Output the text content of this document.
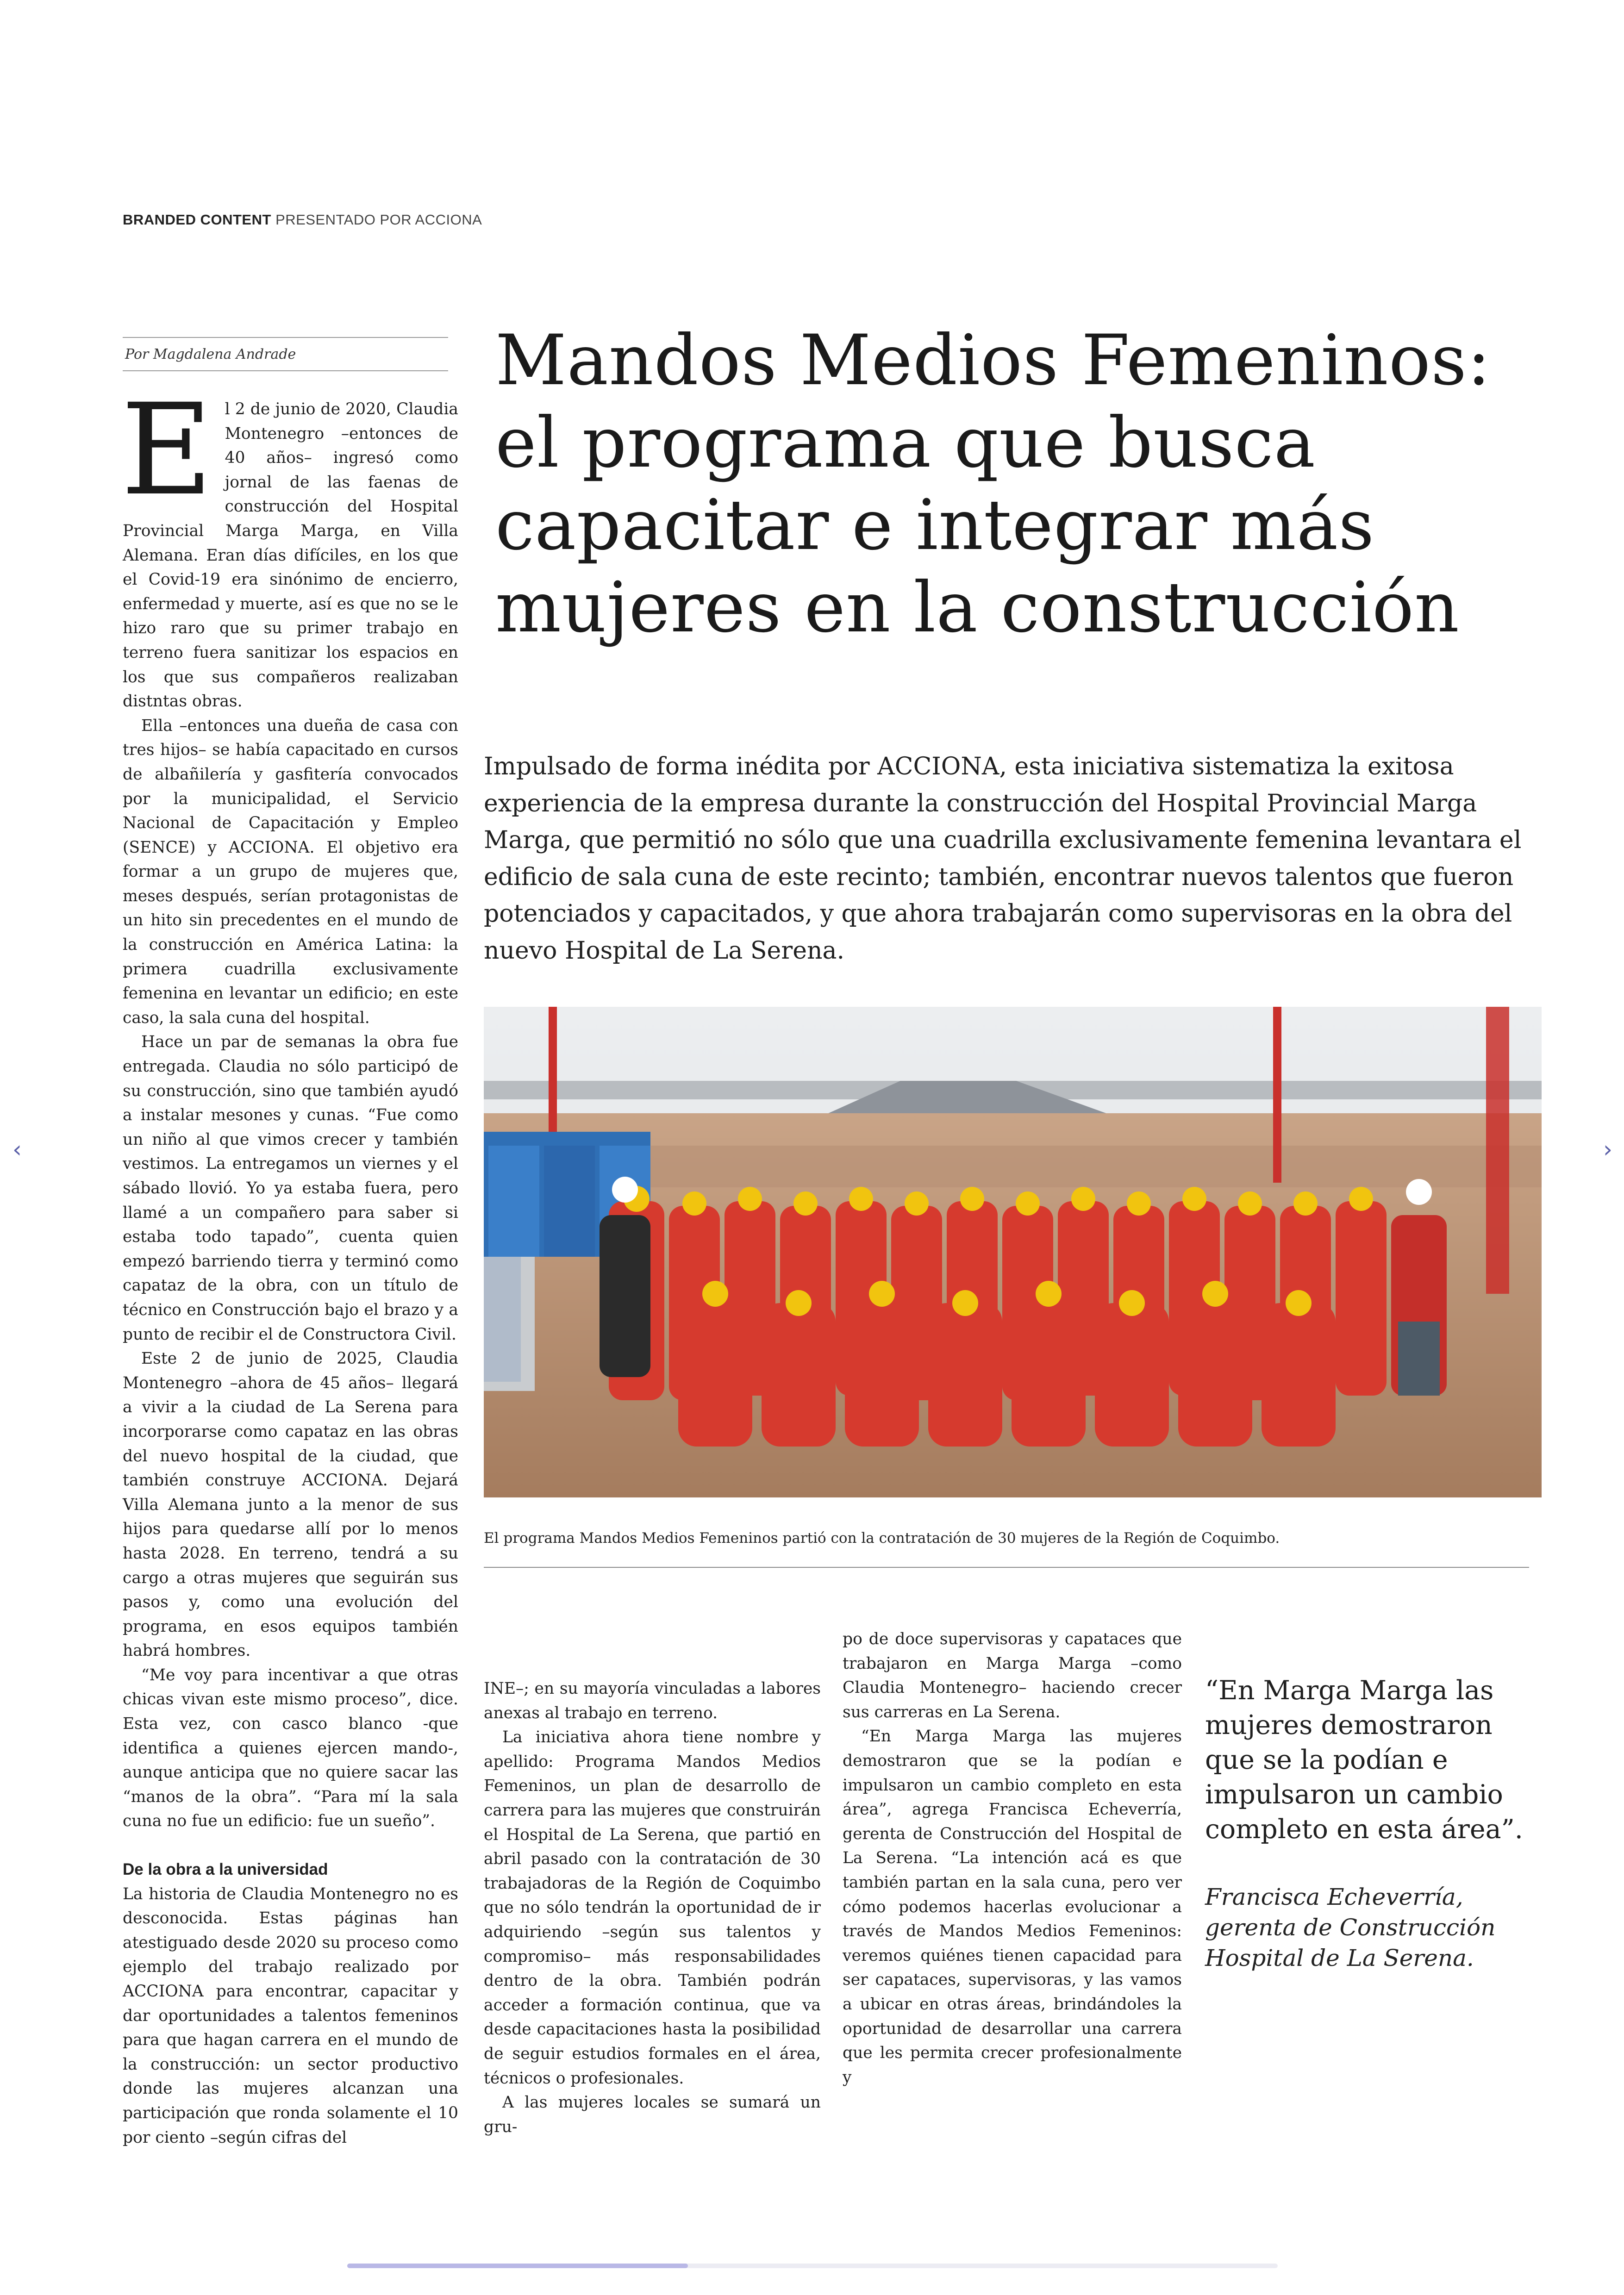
BRANDED CONTENT PRESENTADO POR ACCIONA
Por Magdalena Andrade	Mandos Medios Femeninos: el programa que busca capacitar e integrar más mujeres en la construcción
Impulsado de forma inédita por ACCIONA, esta iniciativa sistematiza la exitosa experiencia de la empresa durante la construcción del Hospital Provincial Marga Marga, que permitió no sólo que una cuadrilla exclusivamente femenina levantara el edificio de sala cuna de este recinto; también, encontrar nuevos talentos que fueron potenciados y capacitados, y que ahora trabajarán como supervisoras en la obra del nuevo Hospital de La Serena.
E l 2 de junio de 2020, Claudia Montenegro –entonces de 40 años– ingresó como jornal de las faenas de construcción del Hospital Provincial Marga Marga, en Villa Alemana. Eran días difíciles, en los que el Covid-19 era sinónimo de encierro, enfermedad y muerte, así es que no se le hizo raro que su primer trabajo en terreno fuera sanitizar los espacios en los que sus compañeros realizaban distntas obras.

Ella –entonces una dueña de casa con tres hijos– se había capacitado en cursos de albañilería y gasfitería convocados por la municipalidad, el Servicio Nacional de Capacitación y Empleo (SENCE) y ACCIONA. El objetivo era formar a un grupo de mujeres que, meses después, serían protagonistas de un hito sin precedentes en el mundo de la construcción en América Latina: la primera cuadrilla exclusivamente femenina en levantar un edificio; en este caso, la sala cuna del hospital.

Hace un par de semanas la obra fue entregada. Claudia no sólo participó de su construcción, sino que también ayudó a instalar mesones y cunas. “Fue como un niño al que vimos crecer y también vestimos. La entregamos un viernes y el sábado llovió. Yo ya estaba fuera, pero llamé a un compañero para saber si estaba todo tapado”, cuenta quien empezó barriendo tierra y terminó como capataz de la obra, con un título de técnico en Construcción bajo el brazo y a punto de recibir el de Constructora Civil.

Este 2 de junio de 2025, Claudia Montenegro –ahora de 45 años– llegará a vivir a la ciudad de La Serena para incorporarse como capataz en las obras del nuevo hospital de la ciudad, que también construye ACCIONA. Dejará Villa Alemana junto a la menor de sus hijos para quedarse allí por lo menos hasta 2028. En terreno, tendrá a su cargo a otras mujeres que seguirán sus pasos y, como una evolución del programa, en esos equipos también habrá hombres.

“Me voy para incentivar a que otras chicas vivan este mismo proceso”, dice. Esta vez, con casco blanco -que identifica a quienes ejercen mando-, aunque anticipa que no quiere sacar las “manos de la obra”. “Para mí la sala cuna no fue un edificio: fue un sueño”.

De la obra a la universidad

La historia de Claudia Montenegro no es desconocida. Estas páginas han atestiguado desde 2020 su proceso como ejemplo del trabajo realizado por ACCIONA para encontrar, capacitar y dar oportunidades a talentos femeninos para que hagan carrera en el mundo de la construcción: un sector productivo donde las mujeres alcanzan una participación que ronda solamente el 10 por ciento –según cifras del

El programa Mandos Medios Femeninos partió con la contratación de 30 mujeres de la Región de Coquimbo.

INE–; en su mayoría vinculadas a labores anexas al trabajo en terreno.

La iniciativa ahora tiene nombre y apellido: Programa Mandos Medios Femeninos, un plan de desarrollo de carrera para las mujeres que construirán el Hospital de La Serena, que partió en abril pasado con la contratación de 30 trabajadoras de la Región de Coquimbo que no sólo tendrán la oportunidad de ir adquiriendo –según sus talentos y compromiso– más responsabilidades dentro de la obra. También podrán acceder a formación continua, que va desde capacitaciones hasta la posibilidad de seguir estudios formales en el área, técnicos o profesionales.

A las mujeres locales se sumará un gru-

po de doce supervisoras y capataces que trabajaron en Marga Marga –como Claudia Montenegro– haciendo crecer sus carreras en La Serena.

“En Marga Marga las mujeres demostraron que se la podían e impulsaron un cambio completo en esta área”, agrega Francisca Echeverría, gerenta de Construcción del Hospital de La Serena. “La intención acá es que también partan en la sala cuna, pero ver cómo podemos hacerlas evolucionar a través de Mandos Medios Femeninos: veremos quiénes tienen capacidad para ser capataces, supervisoras, y las vamos a ubicar en otras áreas, brindándoles la oportunidad de desarrollar una carrera que les permita crecer profesionalmente y

“En Marga Marga las mujeres demostraron que se la podían e impulsaron un cambio completo en esta área”.
Francisca Echeverría, gerenta de Construcción Hospital de La Serena.
‹	›
